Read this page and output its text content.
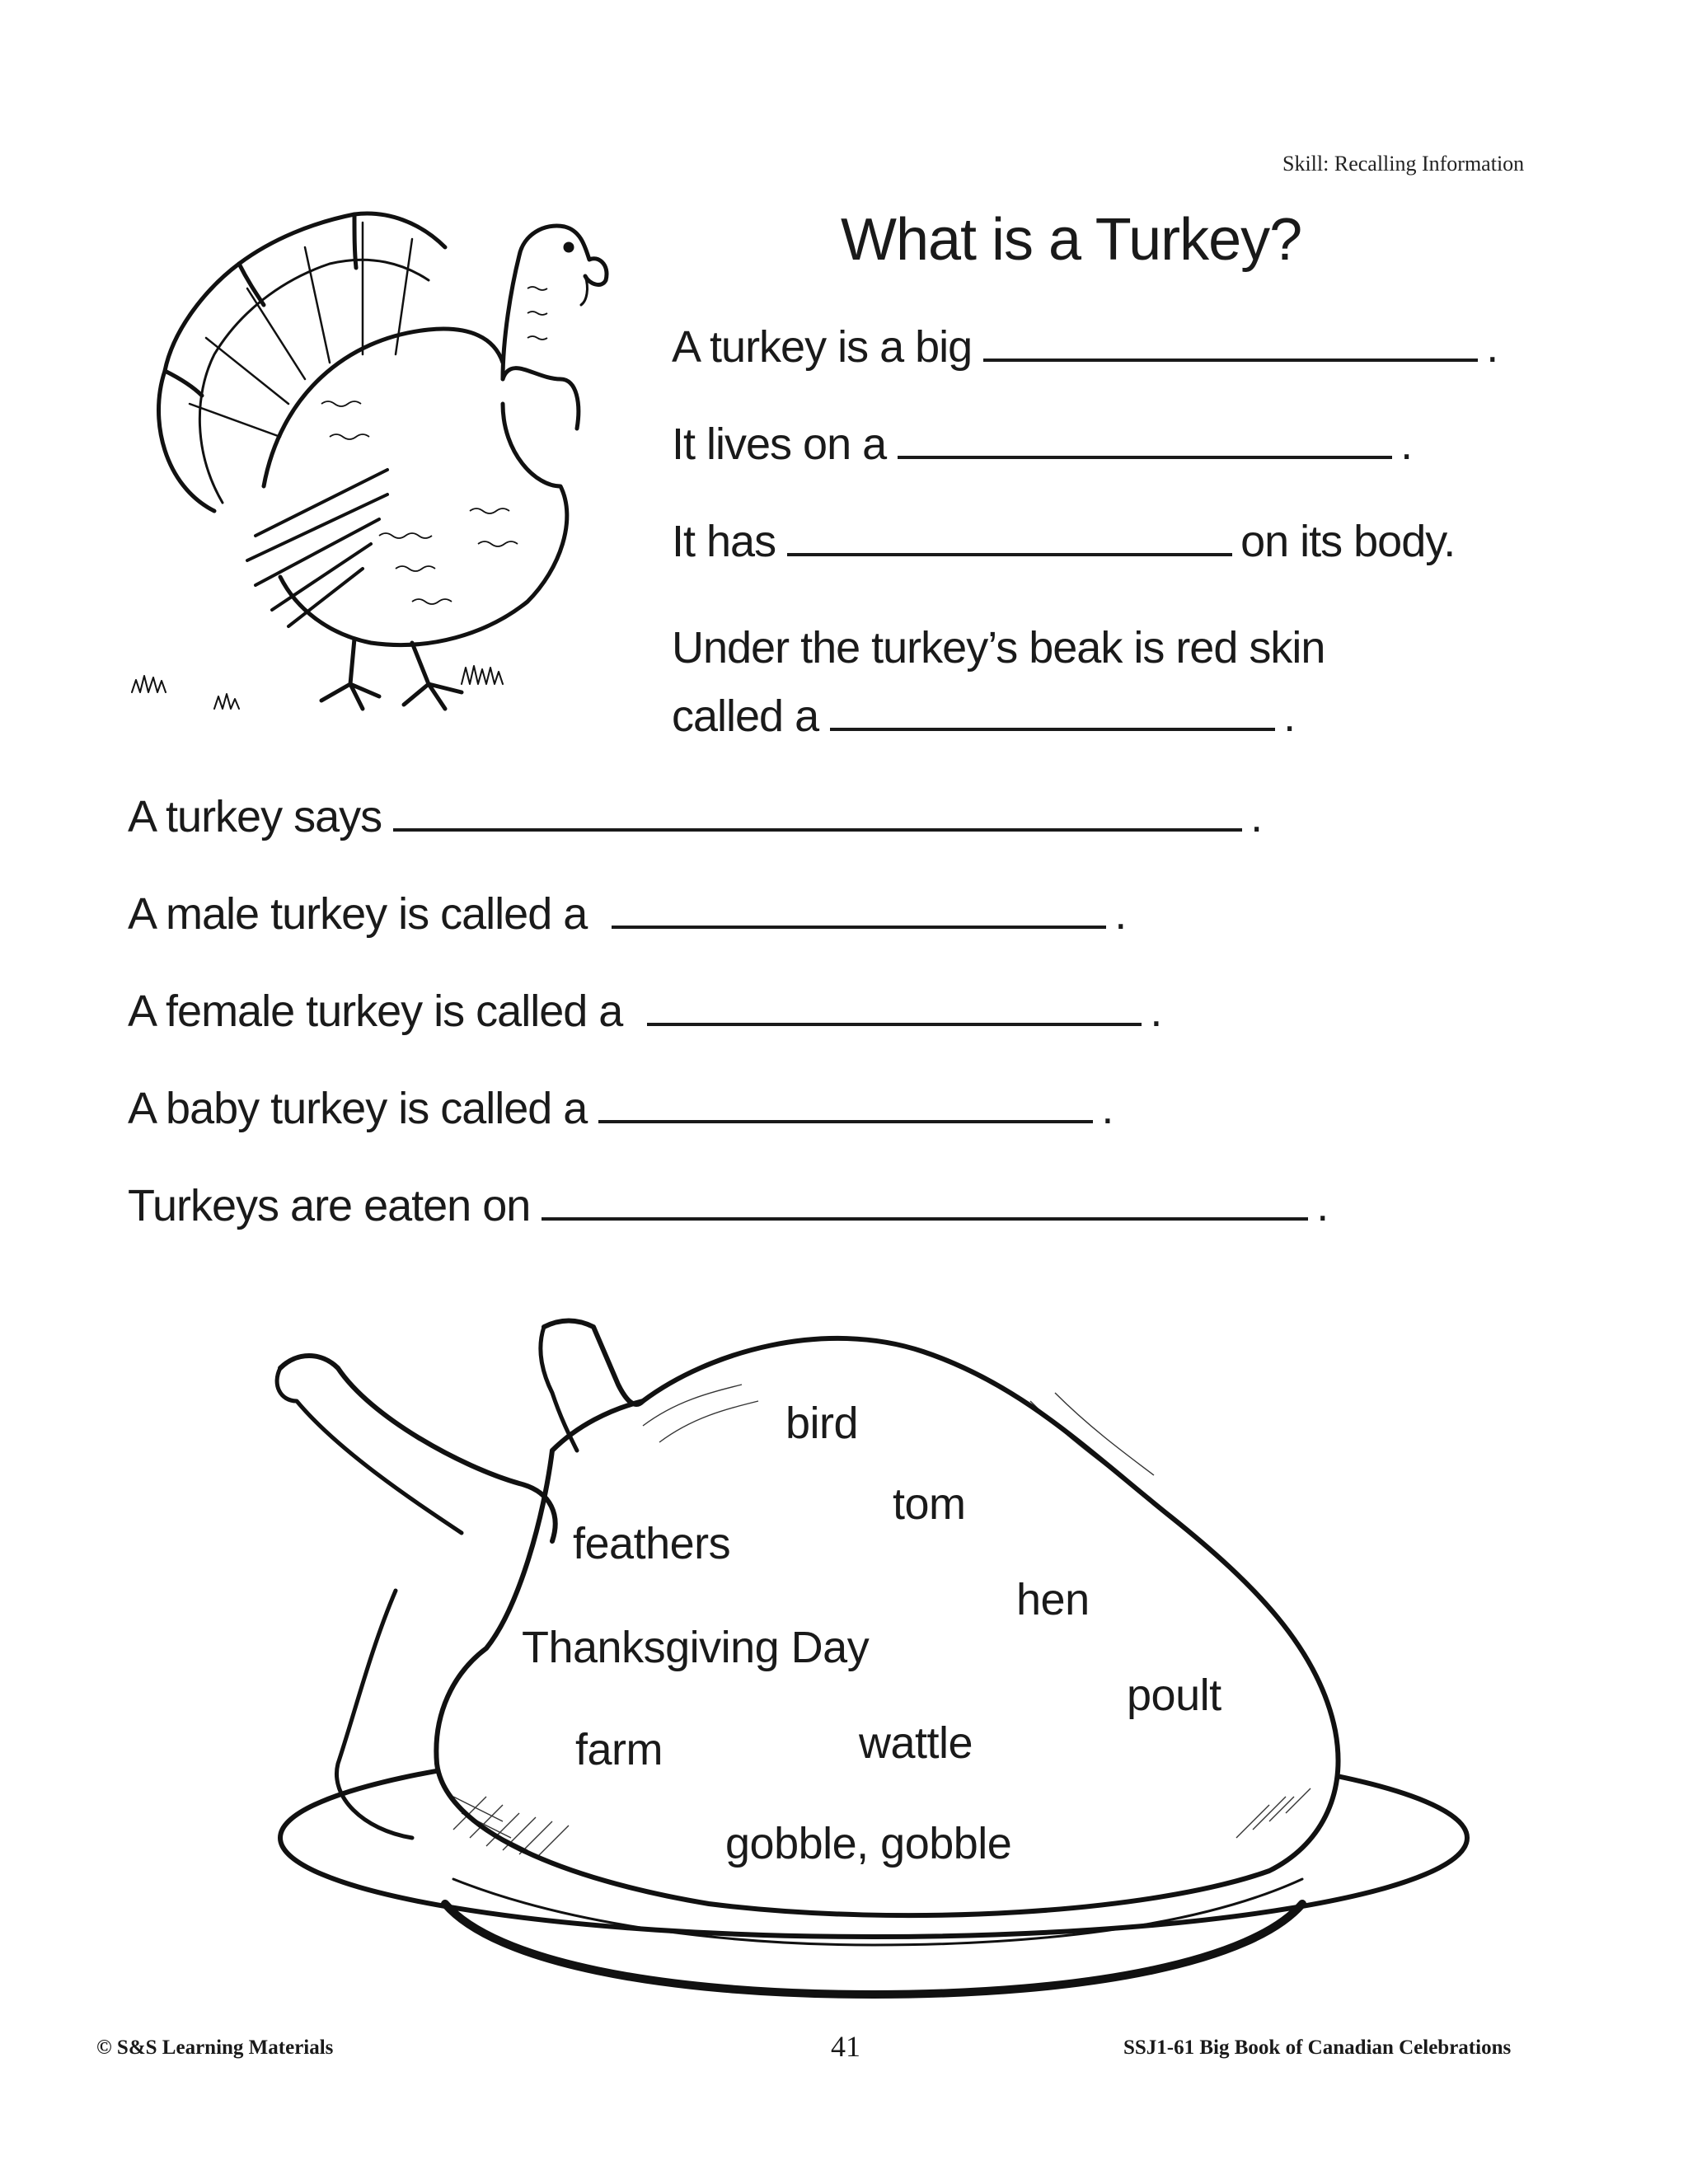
Skill: Recalling Information
What is a Turkey?
A turkey is a big	.
It lives on a	.
It has	on its body.
Under the turkey’s beak is red skin
called a	.
A turkey says	.
A male turkey is called a	.
A female turkey is called a	.
A baby turkey is called a	.
Turkeys are eaten on	.
bird
tom
feathers
hen
Thanksgiving Day
poult
farm	wattle
gobble, gobble
© S&S Learning Materials	41	SSJ1-61 Big Book of Canadian Celebrations
